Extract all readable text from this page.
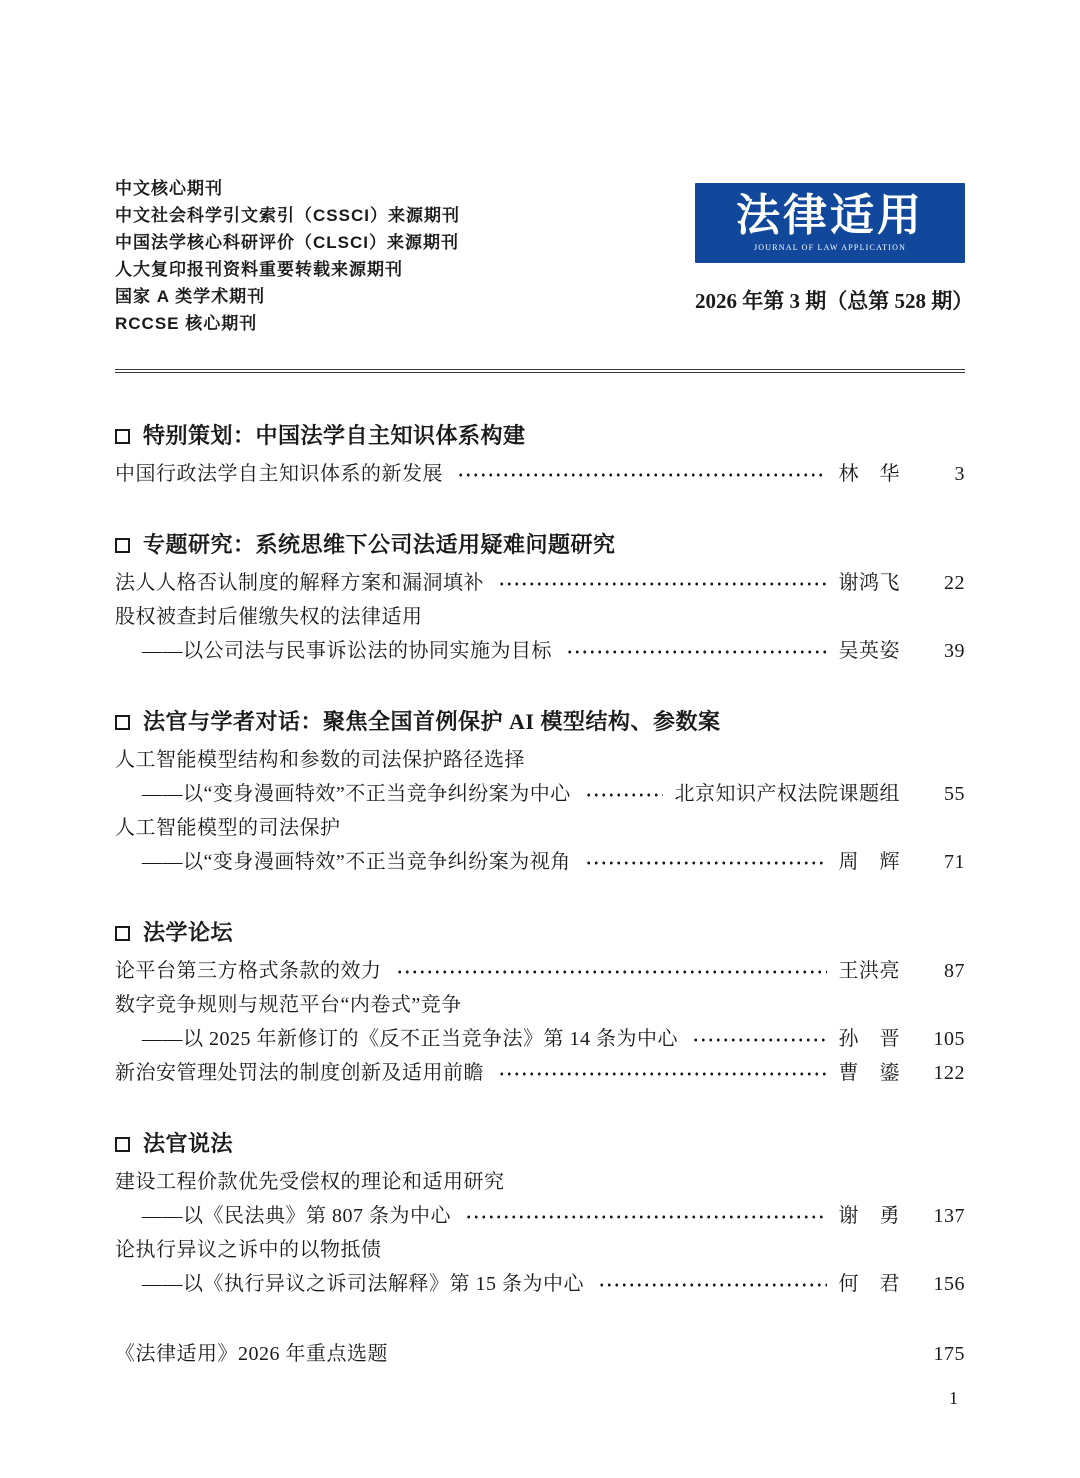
中文核心期刊
中文社会科学引文索引（CSSCI）来源期刊
中国法学核心科研评价（CLSCI）来源期刊
人大复印报刊资料重要转载来源期刊
国家 A 类学术期刊
RCCSE 核心期刊
法律适用
JOURNAL OF LAW APPLICATION
2026 年第 3 期（总第 528 期）
特别策划：中国法学自主知识体系构建
中国行政法学自主知识体系的新发展	林　华	3
专题研究：系统思维下公司法适用疑难问题研究
法人人格否认制度的解释方案和漏洞填补	谢鸿飞	22
股权被查封后催缴失权的法律适用
——以公司法与民事诉讼法的协同实施为目标	吴英姿	39
法官与学者对话：聚焦全国首例保护 AI 模型结构、参数案
人工智能模型结构和参数的司法保护路径选择
——以“变身漫画特效”不正当竞争纠纷案为中心	北京知识产权法院课题组	55
人工智能模型的司法保护
——以“变身漫画特效”不正当竞争纠纷案为视角	周　辉	71
法学论坛
论平台第三方格式条款的效力	王洪亮	87
数字竞争规则与规范平台“内卷式”竞争
——以 2025 年新修订的《反不正当竞争法》第 14 条为中心	孙　晋	105
新治安管理处罚法的制度创新及适用前瞻	曹　鎏	122
法官说法
建设工程价款优先受偿权的理论和适用研究
——以《民法典》第 807 条为中心	谢　勇	137
论执行异议之诉中的以物抵债
——以《执行异议之诉司法解释》第 15 条为中心	何　君	156
《法律适用》2026 年重点选题	175
1
